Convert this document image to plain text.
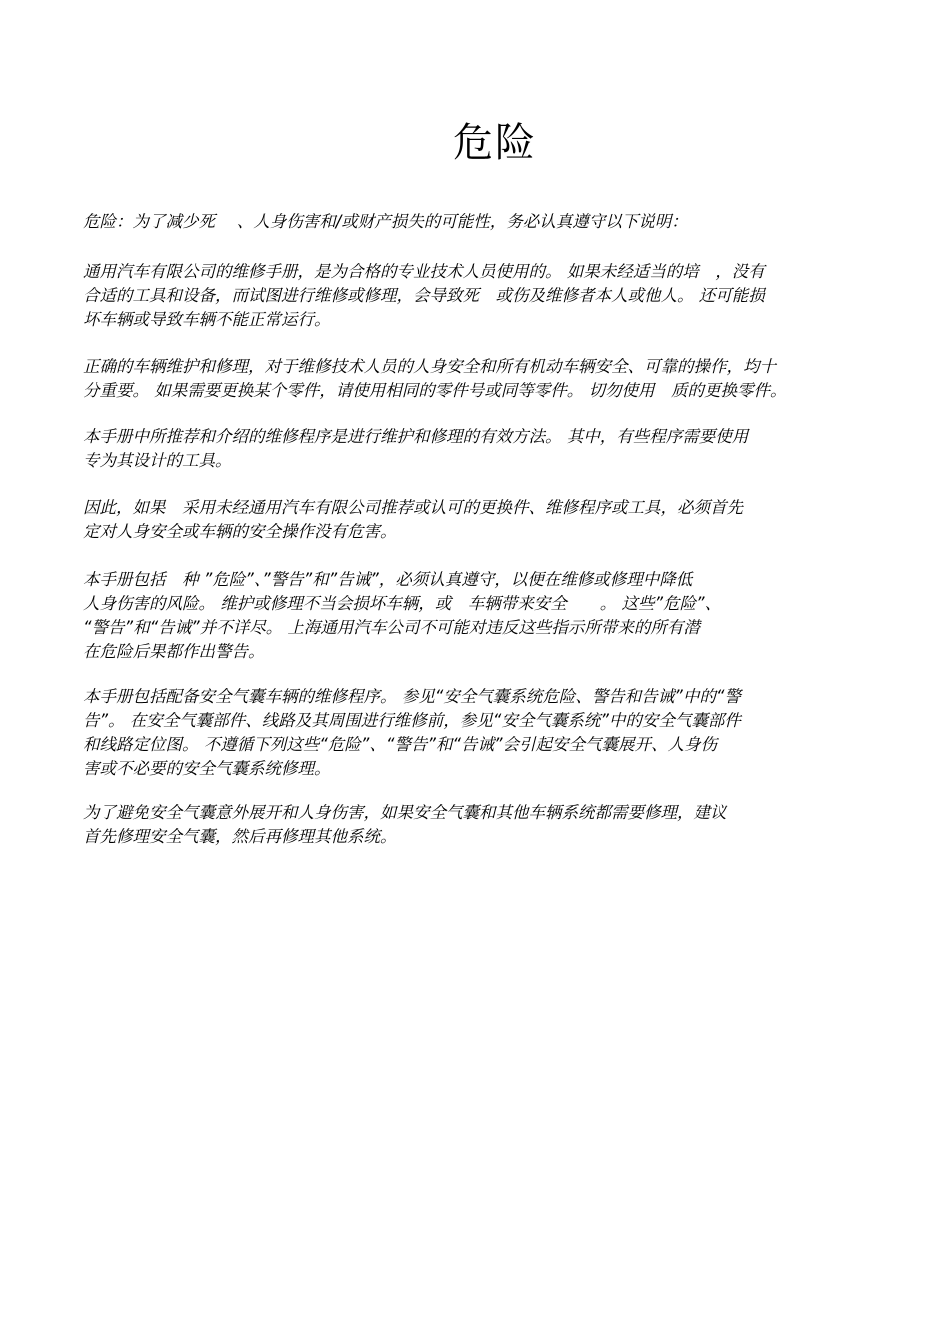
危险

危险：为了减少死　 、人身伤害和/或财产损失的可能性，务必认真遵守以下说明：

通用汽车有限公司的维修手册，是为合格的专业技术人员使用的。 如果未经适当的培　，没有
合适的工具和设备，而试图进行维修或修理，会导致死　或伤及维修者本人或他人。 还可能损
坏车辆或导致车辆不能正常运行。

正确的车辆维护和修理，对于维修技术人员的人身安全和所有机动车辆安全、可靠的操作，均十
分重要。 如果需要更换某个零件，请使用相同的零件号或同等零件。 切勿使用　质的更换零件。

本手册中所推荐和介绍的维修程序是进行维护和修理的有效方法。 其中，有些程序需要使用
专为其设计的工具。

因此，如果　采用未经通用汽车有限公司推荐或认可的更换件、维修程序或工具，必须首先
定对人身安全或车辆的安全操作没有危害。

本手册包括　种 ”危险”、”警告”和”告诫”，必须认真遵守，以便在维修或修理中降低
人身伤害的风险。 维护或修理不当会损坏车辆，或　车辆带来安全　　。 这些”危险”、
“警告”和“告诫”并不详尽。 上海通用汽车公司不可能对违反这些指示所带来的所有潜
在危险后果都作出警告。

本手册包括配备安全气囊车辆的维修程序。 参见“安全气囊系统危险、警告和告诫”中的“警
告”。 在安全气囊部件、线路及其周围进行维修前，参见“安全气囊系统”中的安全气囊部件
和线路定位图。 不遵循下列这些“危险”、“警告”和“告诫”会引起安全气囊展开、人身伤
害或不必要的安全气囊系统修理。

为了避免安全气囊意外展开和人身伤害，如果安全气囊和其他车辆系统都需要修理，建议
首先修理安全气囊，然后再修理其他系统。
